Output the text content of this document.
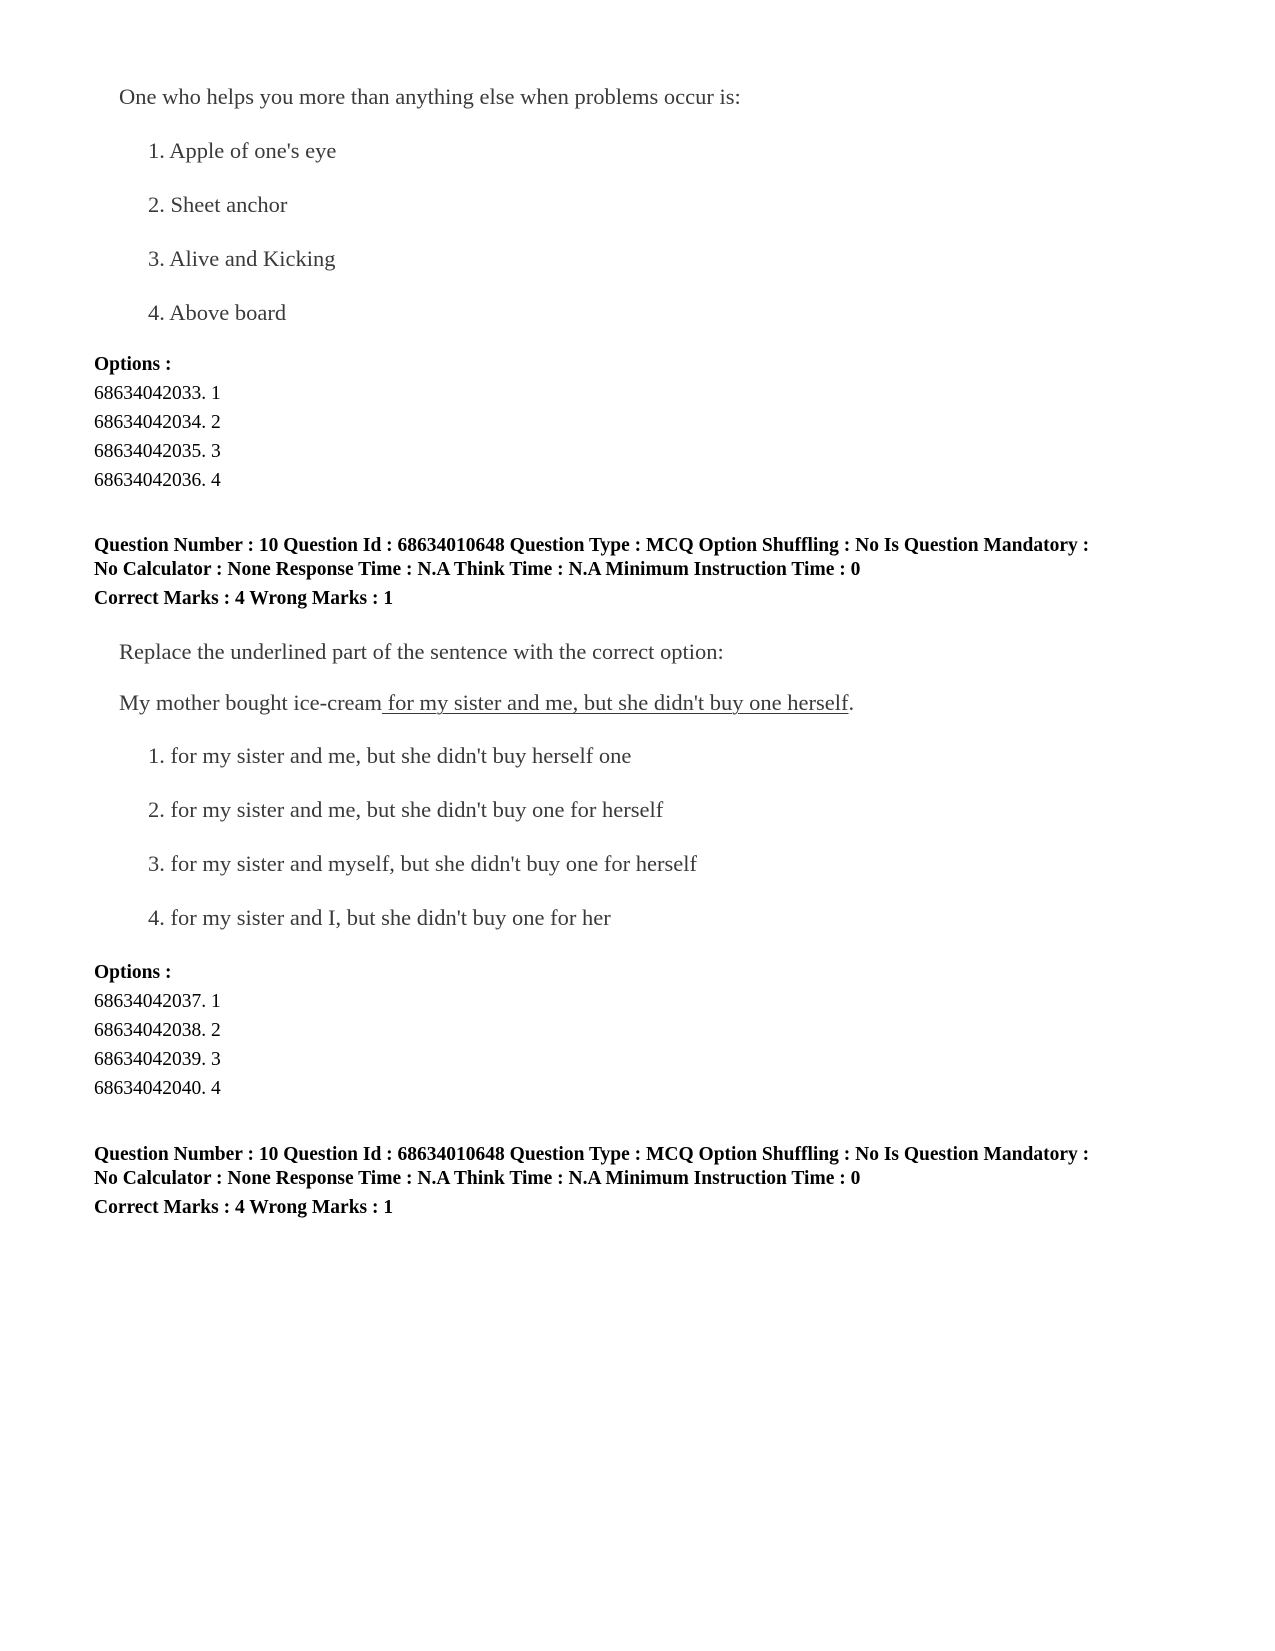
One who helps you more than anything else when problems occur is:
1. Apple of one's eye
2. Sheet anchor
3. Alive and Kicking
4. Above board
Options :
68634042033. 1
68634042034. 2
68634042035. 3
68634042036. 4
Question Number : 10 Question Id : 68634010648 Question Type : MCQ Option Shuffling : No Is Question Mandatory :
No Calculator : None Response Time : N.A Think Time : N.A Minimum Instruction Time : 0
Correct Marks : 4 Wrong Marks : 1
Replace the underlined part of the sentence with the correct option:
My mother bought ice-cream for my sister and me, but she didn't buy one herself.
1. for my sister and me, but she didn't buy herself one
2. for my sister and me, but she didn't buy one for herself
3. for my sister and myself, but she didn't buy one for herself
4. for my sister and I, but she didn't buy one for her
Options :
68634042037. 1
68634042038. 2
68634042039. 3
68634042040. 4
Question Number : 10 Question Id : 68634010648 Question Type : MCQ Option Shuffling : No Is Question Mandatory :
No Calculator : None Response Time : N.A Think Time : N.A Minimum Instruction Time : 0
Correct Marks : 4 Wrong Marks : 1
